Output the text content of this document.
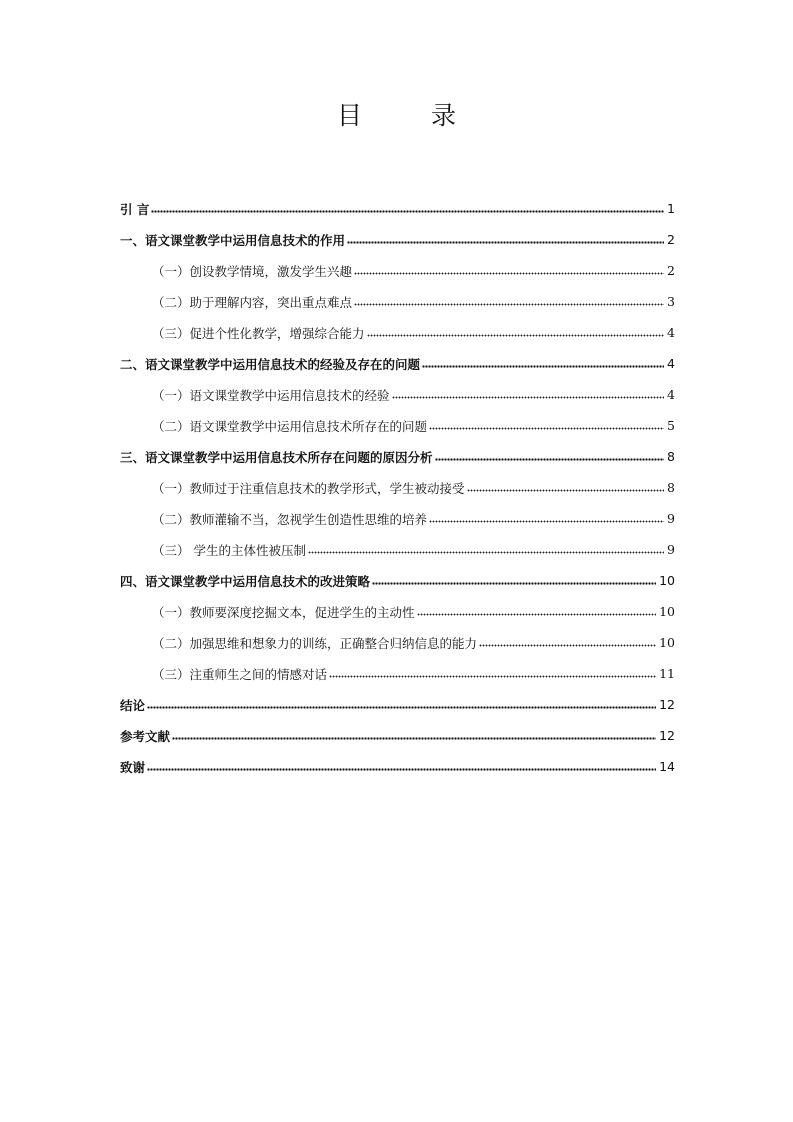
目　录
引 言	1
一、语文课堂教学中运用信息技术的作用	2
（一）创设教学情境，激发学生兴趣	2
（二）助于理解内容，突出重点难点	3
（三）促进个性化教学，增强综合能力	4
二、语文课堂教学中运用信息技术的经验及存在的问题	4
（一）语文课堂教学中运用信息技术的经验	4
（二）语文课堂教学中运用信息技术所存在的问题	5
三、语文课堂教学中运用信息技术所存在问题的原因分析	8
（一）教师过于注重信息技术的教学形式，学生被动接受	8
（二）教师灌输不当，忽视学生创造性思维的培养	9
（三） 学生的主体性被压制	9
四、语文课堂教学中运用信息技术的改进策略	10
（一）教师要深度挖掘文本，促进学生的主动性	10
（二）加强思维和想象力的训练，正确整合归纳信息的能力	10
（三）注重师生之间的情感对话	11
结论	12
参考文献	12
致谢	14
